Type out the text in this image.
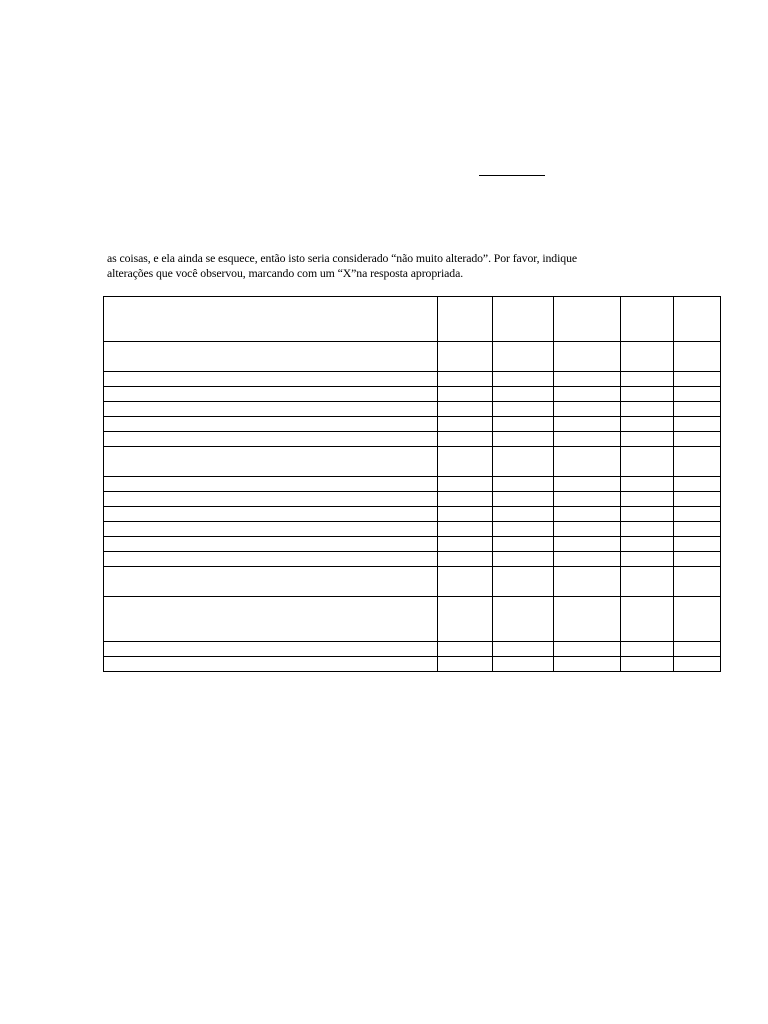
as coisas, e ela ainda se esquece, então isto seria considerado “não muito alterado”. Por favor, indique
alterações que você observou, marcando com um “X”na resposta apropriada.
